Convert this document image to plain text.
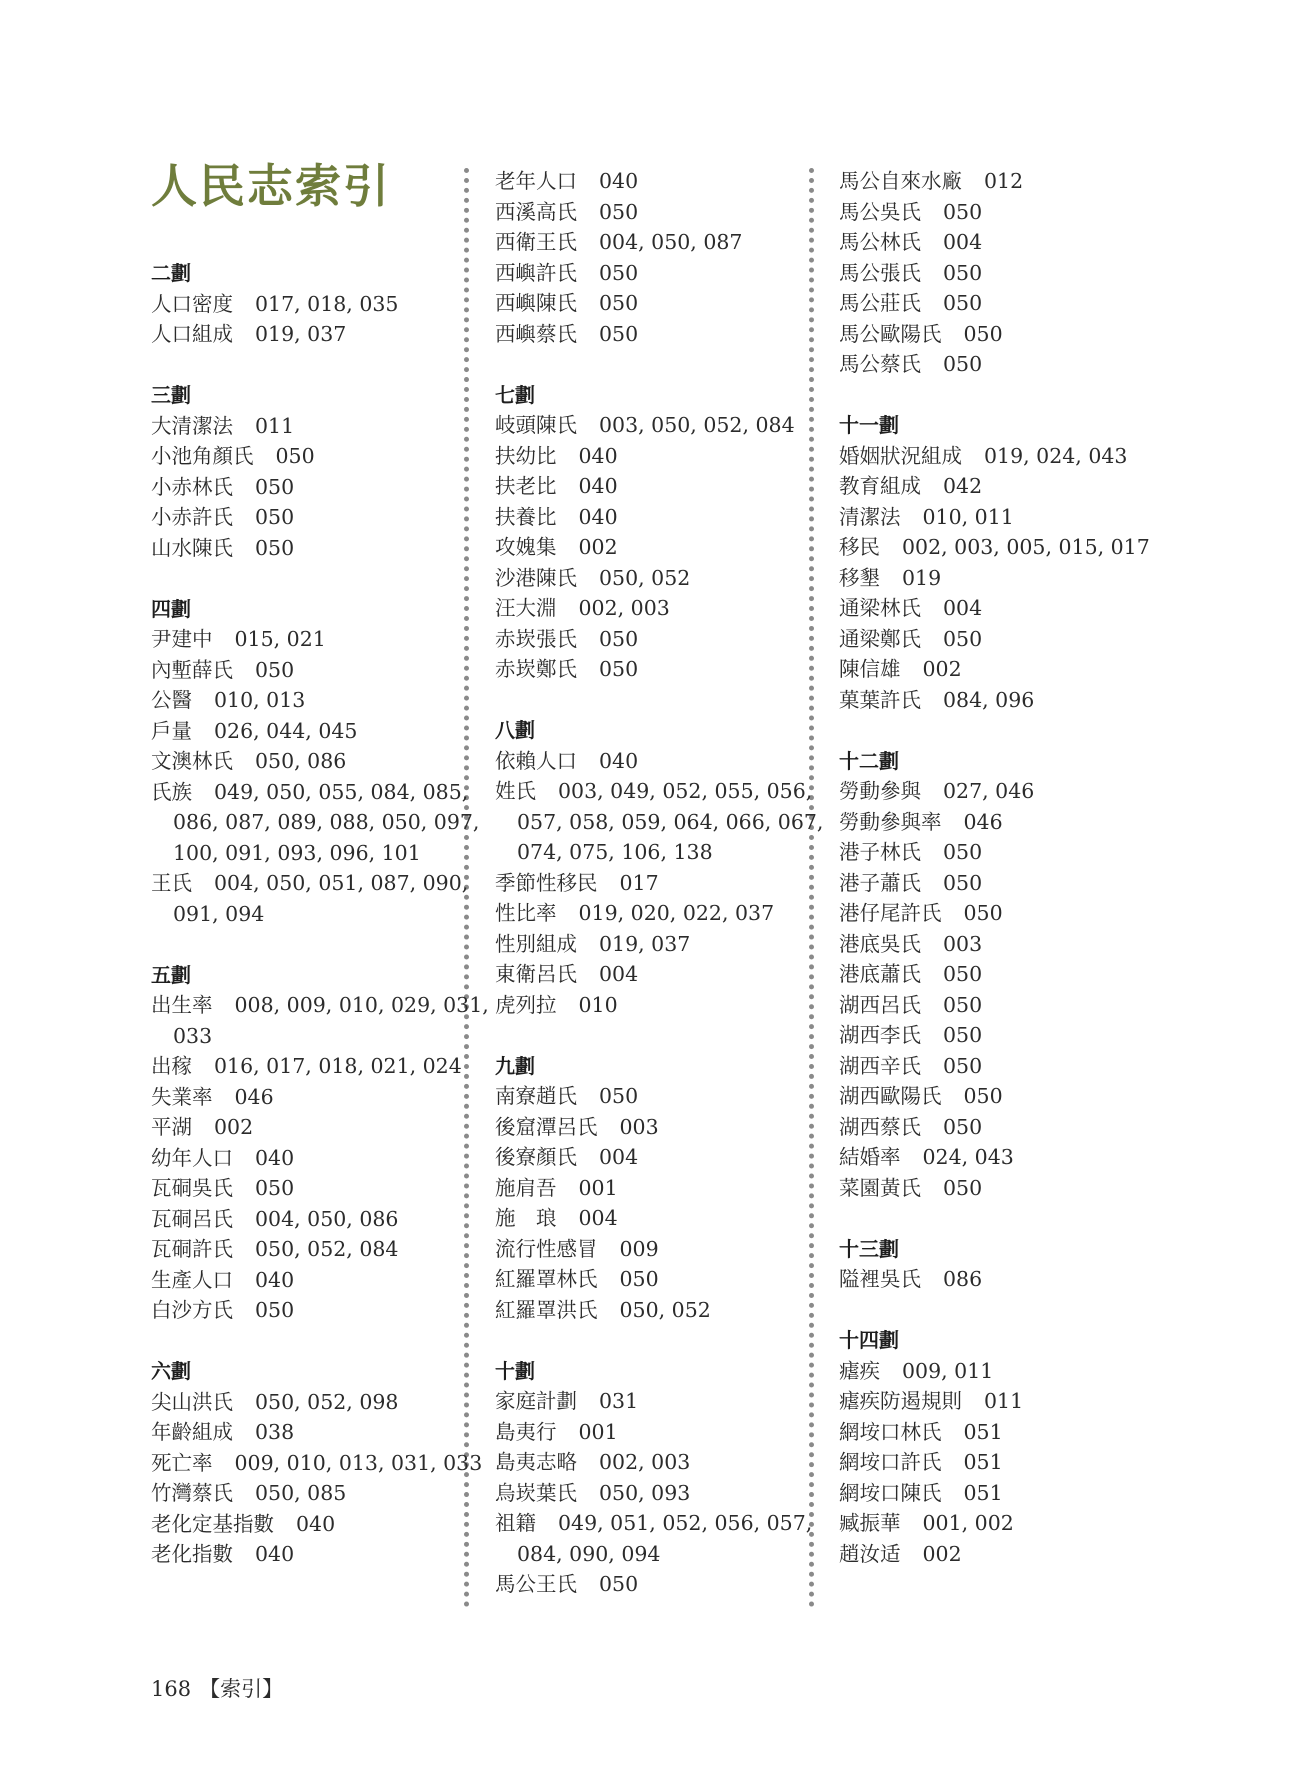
人民志索引
二劃
人口密度 017, 018, 035
人口組成 019, 037
三劃
大清潔法 011
小池角顏氏 050
小赤林氏 050
小赤許氏 050
山水陳氏 050
四劃
尹建中 015, 021
內塹薛氏 050
公醫 010, 013
戶量 026, 044, 045
文澳林氏 050, 086
氏族 049, 050, 055, 084, 085, 086, 087, 089, 088, 050, 097, 100, 091, 093, 096, 101
王氏 004, 050, 051, 087, 090, 091, 094
五劃
出生率 008, 009, 010, 029, 031, 033
出稼 016, 017, 018, 021, 024
失業率 046
平湖 002
幼年人口 040
瓦硐吳氏 050
瓦硐呂氏 004, 050, 086
瓦硐許氏 050, 052, 084
生產人口 040
白沙方氏 050
六劃
尖山洪氏 050, 052, 098
年齡組成 038
死亡率 009, 010, 013, 031, 033
竹灣蔡氏 050, 085
老化定基指數 040
老化指數 040
老年人口 040
西溪高氏 050
西衛王氏 004, 050, 087
西嶼許氏 050
西嶼陳氏 050
西嶼蔡氏 050
七劃
岐頭陳氏 003, 050, 052, 084
扶幼比 040
扶老比 040
扶養比 040
攻媿集 002
沙港陳氏 050, 052
汪大淵 002, 003
赤崁張氏 050
赤崁鄭氏 050
八劃
依賴人口 040
姓氏 003, 049, 052, 055, 056, 057, 058, 059, 064, 066, 067, 074, 075, 106, 138
季節性移民 017
性比率 019, 020, 022, 037
性別組成 019, 037
東衛呂氏 004
虎列拉 010
九劃
南寮趙氏 050
後窟潭呂氏 003
後寮顏氏 004
施肩吾 001
施　琅 004
流行性感冒 009
紅羅罩林氏 050
紅羅罩洪氏 050, 052
十劃
家庭計劃 031
島夷行 001
島夷志略 002, 003
烏崁葉氏 050, 093
祖籍 049, 051, 052, 056, 057, 084, 090, 094
馬公王氏 050
馬公自來水廠 012
馬公吳氏 050
馬公林氏 004
馬公張氏 050
馬公莊氏 050
馬公歐陽氏 050
馬公蔡氏 050
十一劃
婚姻狀況組成 019, 024, 043
教育組成 042
清潔法 010, 011
移民 002, 003, 005, 015, 017
移墾 019
通梁林氏 004
通梁鄭氏 050
陳信雄 002
菓葉許氏 084, 096
十二劃
勞動參與 027, 046
勞動參與率 046
港子林氏 050
港子蕭氏 050
港仔尾許氏 050
港底吳氏 003
港底蕭氏 050
湖西呂氏 050
湖西李氏 050
湖西辛氏 050
湖西歐陽氏 050
湖西蔡氏 050
結婚率 024, 043
菜園黃氏 050
十三劃
隘裡吳氏 086
十四劃
瘧疾 009, 011
瘧疾防遏規則 011
網垵口林氏 051
網垵口許氏 051
網垵口陳氏 051
臧振華 001, 002
趙汝适 002
168 【索引】
